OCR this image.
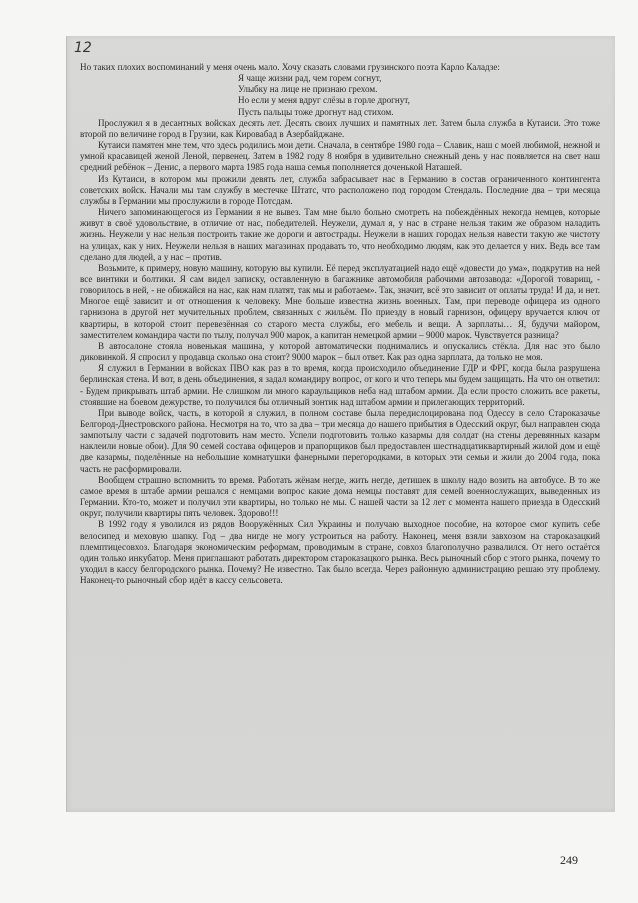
12

Но таких плохих воспоминаний у меня очень мало. Хочу сказать словами грузинского поэта Карло Каладзе:

Я чаще жизни рад, чем горем согнут,
Улыбку на лице не признаю грехом.
Но если у меня вдруг слёзы в горле дрогнут,
Пусть пальцы тоже дрогнут над стихом.

Прослужил я в десантных войсках десять лет. Десять своих лучших и памятных лет. Затем была служба в Кутаиси. Это тоже второй по величине город в Грузии, как Кировабад в Азербайджане.

Кутаиси памятен мне тем, что здесь родились мои дети. Сначала, в сентябре 1980 года – Славик, наш с моей любимой, нежной и умной красавицей женой Леной, первенец. Затем в 1982 году 8 ноября в удивительно снежный день у нас появляется на свет наш средний ребёнок – Денис, а первого марта 1985 года наша семья пополняется доченькой Наташей.

Из Кутаиси, в котором мы прожили девять лет, служба забрасывает нас в Германию в состав ограниченного контингента советских войск. Начали мы там службу в местечке Штатс, что расположено под городом Стендаль. Последние два – три месяца службы в Германии мы прослужили в городе Потсдам.

Ничего запоминающегося из Германии я не вывез. Там мне было больно смотреть на побеждённых некогда немцев, которые живут в своё удовольствие, в отличие от нас, победителей. Неужели, думал я, у нас в стране нельзя таким же образом наладить жизнь. Неужели у нас нельзя построить такие же дороги и автострады. Неужели в наших городах нельзя навести такую же чистоту на улицах, как у них. Неужели нельзя в наших магазинах продавать то, что необходимо людям, как это делается у них. Ведь все там сделано для людей, а у нас – против.

Возьмите, к примеру, новую машину, которую вы купили. Её перед эксплуатацией надо ещё «довести до ума», подкрутив на ней все винтики и болтики. Я сам видел записку, оставленную в багажнике автомобиля рабочими автозавода: «Дорогой товарищ, - говорилось в ней, - не обижайся на нас, как нам платят, так мы и работаем». Так, значит, всё это зависит от оплаты труда! И да, и нет. Многое ещё зависит и от отношения к человеку. Мне больше известна жизнь военных. Там, при переводе офицера из одного гарнизона в другой нет мучительных проблем, связанных с жильём. По приезду в новый гарнизон, офицеру вручается ключ от квартиры, в которой стоит перевезённая со старого места службы, его мебель и вещи. А зарплаты… Я, будучи майором, заместителем командира части по тылу, получал 900 марок, а капитан немецкой армии – 9000 марок. Чувствуется разница?

В автосалоне стояла новенькая машина, у которой автоматически поднимались и опускались стёкла. Для нас это было диковинкой. Я спросил у продавца сколько она стоит? 9000 марок – был ответ. Как раз одна зарплата, да только не моя.

Я служил в Германии в войсках ПВО как раз в то время, когда происходило объединение ГДР и ФРГ, когда была разрушена берлинская стена. И вот, в день объединения, я задал командиру вопрос, от кого и что теперь мы будем защищать. На что он ответил: - Будем прикрывать штаб армии. Не слишком ли много караульщиков неба над штабом армии. Да если просто сложить все ракеты, стоявшие на боевом дежурстве, то получился бы отличный зонтик над штабом армии и прилегающих территорий.

При выводе войск, часть, в которой я служил, в полном составе была передислоцирована под Одессу в село Староказачье Белгород-Днестровского района. Несмотря на то, что за два – три месяца до нашего прибытия в Одесский округ, был направлен сюда зампотылу части с задачей подготовить нам место. Успели подготовить только казармы для солдат (на стены деревянных казарм наклеили новые обои). Для 90 семей состава офицеров и прапорщиков был предоставлен шестнадцатиквартирный жилой дом и ещё две казармы, поделённые на небольшие комнатушки фанерными перегородками, в которых эти семьи и жили до 2004 года, пока часть не расформировали.

Вообщем страшно вспомнить то время. Работать жёнам негде, жить негде, детишек в школу надо возить на автобусе. В то же самое время в штабе армии решался с немцами вопрос какие дома немцы поставят для семей военнослужащих, выведенных из Германии. Кто-то, может и получил эти квартиры, но только не мы. С нашей части за 12 лет с момента нашего приезда в Одесский округ, получили квартиры пять человек. Здорово!!!

В 1992 году я уволился из рядов Вооружённых Сил Украины и получаю выходное пособие, на которое смог купить себе велосипед и меховую шапку. Год – два нигде не могу устроиться на работу. Наконец, меня взяли завхозом на староказацкий племптицесовхоз. Благодаря экономическим реформам, проводимым в стране, совхоз благополучно развалился. От него остаётся один только инкубатор. Меня приглашают работать директором староказацкого рынка. Весь рыночный сбор с этого рынка, почему то уходил в кассу белгородского рынка. Почему? Не известно. Так было всегда. Через районную администрацию решаю эту проблему. Наконец-то рыночный сбор идёт в кассу сельсовета.

249
